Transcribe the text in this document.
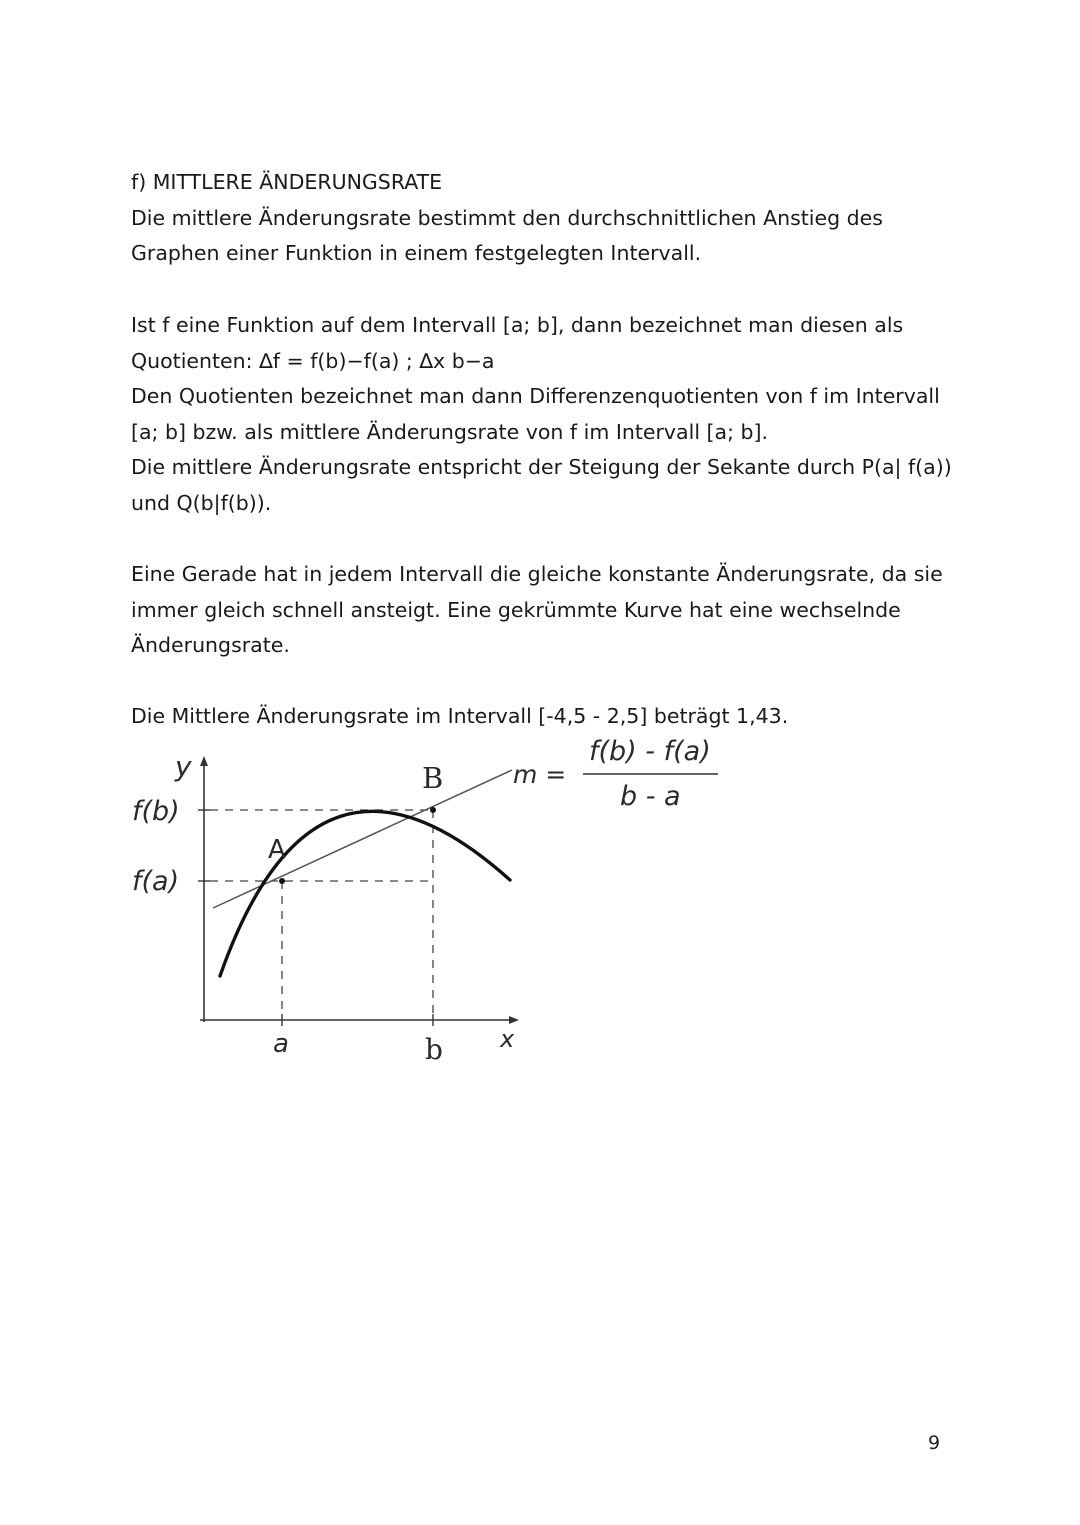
f) MITTLERE ÄNDERUNGSRATE
Die mittlere Änderungsrate bestimmt den durchschnittlichen Anstieg des
Graphen einer Funktion in einem festgelegten Intervall.
Ist f eine Funktion auf dem Intervall [a; b], dann bezeichnet man diesen als
Quotienten: ∆f = f(b)−f(a) ; ∆x b−a
Den Quotienten bezeichnet man dann Differenzenquotienten von f im Intervall
[a; b] bzw. als mittlere Änderungsrate von f im Intervall [a; b].
Die mittlere Änderungsrate entspricht der Steigung der Sekante durch P(a| f(a))
und Q(b|f(b)).
Eine Gerade hat in jedem Intervall die gleiche konstante Änderungsrate, da sie
immer gleich schnell ansteigt. Eine gekrümmte Kurve hat eine wechselnde
Änderungsrate.
Die Mittlere Änderungsrate im Intervall [-4,5 - 2,5] beträgt 1,43.
y
f(b)
f(a)
A
B
a	b x
m =
f(b) - f(a)
b - a
9
